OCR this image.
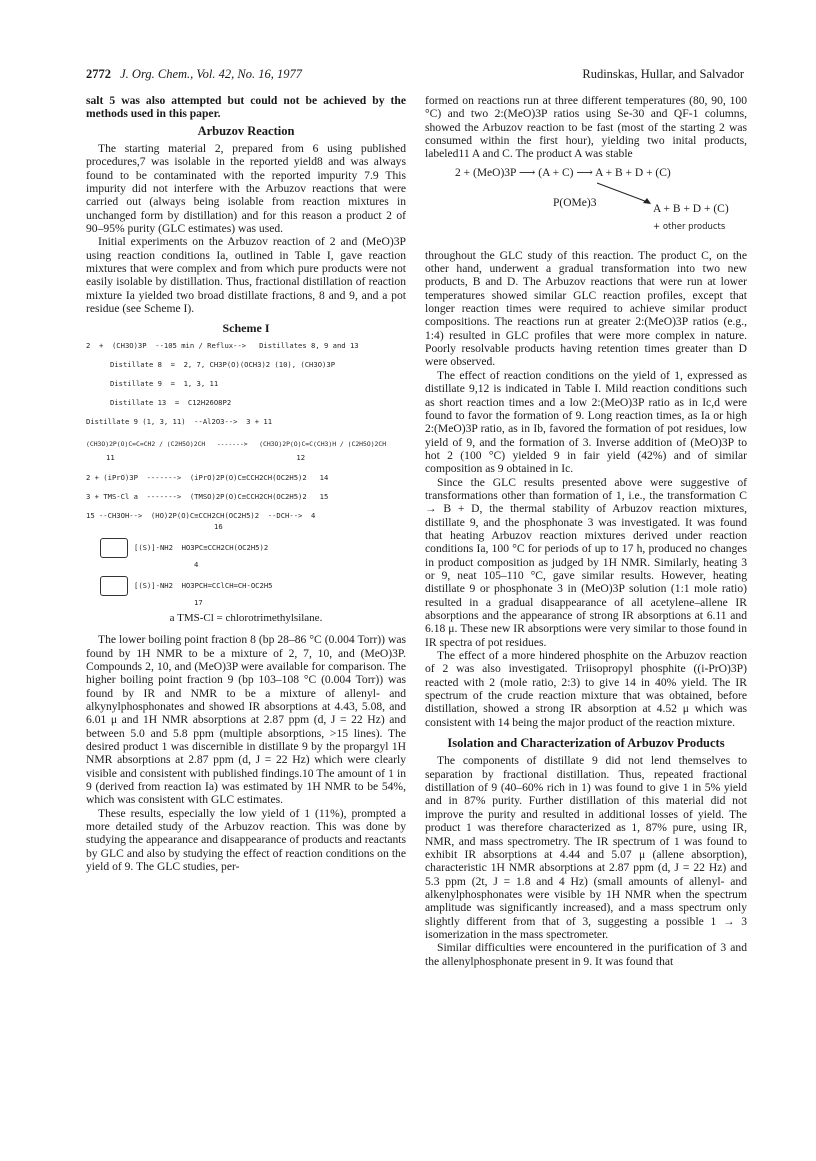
2772 J. Org. Chem., Vol. 42, No. 16, 1977	Rudinskas, Hullar, and Salvador

salt 5 was also attempted but could not be achieved by the methods used in this paper.

Arbuzov Reaction

The starting material 2, prepared from 6 using published procedures,7 was isolable in the reported yield8 and was always found to be contaminated with the reported impurity 7.9 This impurity did not interfere with the Arbuzov reactions that were carried out (always being isolable from reaction mixtures in unchanged form by distillation) and for this reason a product 2 of 90–95% purity (GLC estimates) was used.

Initial experiments on the Arbuzov reaction of 2 and (MeO)3P using reaction conditions Ia, outlined in Table I, gave reaction mixtures that were complex and from which pure products were not easily isolable by distillation. Thus, fractional distillation of reaction mixture Ia yielded two broad distillate fractions, 8 and 9, and a pot residue (see Scheme I).

Scheme I
2  +  (CH3O)3P  --105 min / Reflux-->   Distillates 8, 9 and 13
Distillate 8  =  2, 7, CH3P(O)(OCH3)2 (10), (CH3O)3P
Distillate 9  =  1, 3, 11
Distillate 13  =  C12H26O8P2
Distillate 9 (1, 3, 11)  --Al2O3-->  3 + 11
(CH3O)2P(O)C=C=CH2 / (C2H5O)2CH   ------->   (CH3O)2P(O)C=C(CH3)H / (C2H5O)2CH
11                                          12
2 + (iPrO)3P  ------->  (iPrO)2P(O)C≡CCH2CH(OC2H5)2   14
3 + TMS-Cl a  ------->  (TMSO)2P(O)C≡CCH2CH(OC2H5)2   15
15 --CH3OH-->  (HO)2P(O)C≡CCH2CH(OC2H5)2  --DCH-->  4
16
[(S)]-NH2  HO3PC≡CCH2CH(OC2H5)2
4
[(S)]-NH2  HO3PCH=CClCH=CH-OC2H5
17
a TMS-Cl = chlorotrimethylsilane.

The lower boiling point fraction 8 (bp 28–86 °C (0.004 Torr)) was found by 1H NMR to be a mixture of 2, 7, 10, and (MeO)3P. Compounds 2, 10, and (MeO)3P were available for comparison. The higher boiling point fraction 9 (bp 103–108 °C (0.004 Torr)) was found by IR and NMR to be a mixture of allenyl- and alkynylphosphonates and showed IR absorptions at 4.43, 5.08, and 6.01 μ and 1H NMR absorptions at 2.87 ppm (d, J = 22 Hz) and between 5.0 and 5.8 ppm (multiple absorptions, >15 lines). The desired product 1 was discernible in distillate 9 by the propargyl 1H NMR absorptions at 2.87 ppm (d, J = 22 Hz) which were clearly visible and consistent with published findings.10 The amount of 1 in 9 (derived from reaction Ia) was estimated by 1H NMR to be 54%, which was consistent with GLC estimates.

These results, especially the low yield of 1 (11%), prompted a more detailed study of the Arbuzov reaction. This was done by studying the appearance and disappearance of products and reactants by GLC and also by studying the effect of reaction conditions on the yield of 9. The GLC studies, per-

formed on reactions run at three different temperatures (80, 90, 100 °C) and two 2:(MeO)3P ratios using Se-30 and QF-1 columns, showed the Arbuzov reaction to be fast (most of the starting 2 was consumed within the first hour), yielding two inital products, labeled11 A and C. The product A was stable

2 + (MeO)3P ⟶ (A + C) ⟶ A + B + D + (C)
P(OMe)3	A + B + D + (C)
+ other products

throughout the GLC study of this reaction. The product C, on the other hand, underwent a gradual transformation into two new products, B and D. The Arbuzov reactions that were run at lower temperatures showed similar GLC reaction profiles, except that longer reaction times were required to achieve similar product compositions. The reactions run at greater 2:(MeO)3P ratios (e.g., 1:4) resulted in GLC profiles that were more complex in nature. Poorly resolvable products having retention times greater than D were observed.

The effect of reaction conditions on the yield of 1, expressed as distillate 9,12 is indicated in Table I. Mild reaction conditions such as short reaction times and a low 2:(MeO)3P ratio as in Ic,d were found to favor the formation of 9. Long reaction times, as Ia or high 2:(MeO)3P ratio, as in Ib, favored the formation of pot residues, low yield of 9, and the formation of 3. Inverse addition of (MeO)3P to hot 2 (100 °C) yielded 9 in fair yield (42%) and of similar composition as 9 obtained in Ic.

Since the GLC results presented above were suggestive of transformations other than formation of 1, i.e., the transformation C → B + D, the thermal stability of Arbuzov reaction mixtures, distillate 9, and the phosphonate 3 was investigated. It was found that heating Arbuzov reaction mixtures derived under reaction conditions Ia, 100 °C for periods of up to 17 h, produced no changes in product composition as judged by 1H NMR. Similarly, heating 3 or 9, neat 105–110 °C, gave similar results. However, heating distillate 9 or phosphonate 3 in (MeO)3P solution (1:1 mole ratio) resulted in a gradual disappearance of all acetylene–allene IR absorptions and the appearance of strong IR absorptions at 6.11 and 6.18 μ. These new IR absorptions were very similar to those found in IR spectra of pot residues.

The effect of a more hindered phosphite on the Arbuzov reaction of 2 was also investigated. Triisopropyl phosphite ((i-PrO)3P) reacted with 2 (mole ratio, 2:3) to give 14 in 40% yield. The IR spectrum of the crude reaction mixture that was obtained, before distillation, showed a strong IR absorption at 4.52 μ which was consistent with 14 being the major product of the reaction mixture.

Isolation and Characterization of Arbuzov Products

The components of distillate 9 did not lend themselves to separation by fractional distillation. Thus, repeated fractional distillation of 9 (40–60% rich in 1) was found to give 1 in 5% yield and in 87% purity. Further distillation of this material did not improve the purity and resulted in additional losses of yield. The product 1 was therefore characterized as 1, 87% pure, using IR, NMR, and mass spectrometry. The IR spectrum of 1 was found to exhibit IR absorptions at 4.44 and 5.07 μ (allene absorption), characteristic 1H NMR absorptions at 2.87 ppm (d, J = 22 Hz) and 5.3 ppm (2t, J = 1.8 and 4 Hz) (small amounts of allenyl- and alkenylphosphonates were visible by 1H NMR when the spectrum amplitude was significantly increased), and a mass spectrum only slightly different from that of 3, suggesting a possible 1 → 3 isomerization in the mass spectrometer.

Similar difficulties were encountered in the purification of 3 and the allenylphosphonate present in 9. It was found that
